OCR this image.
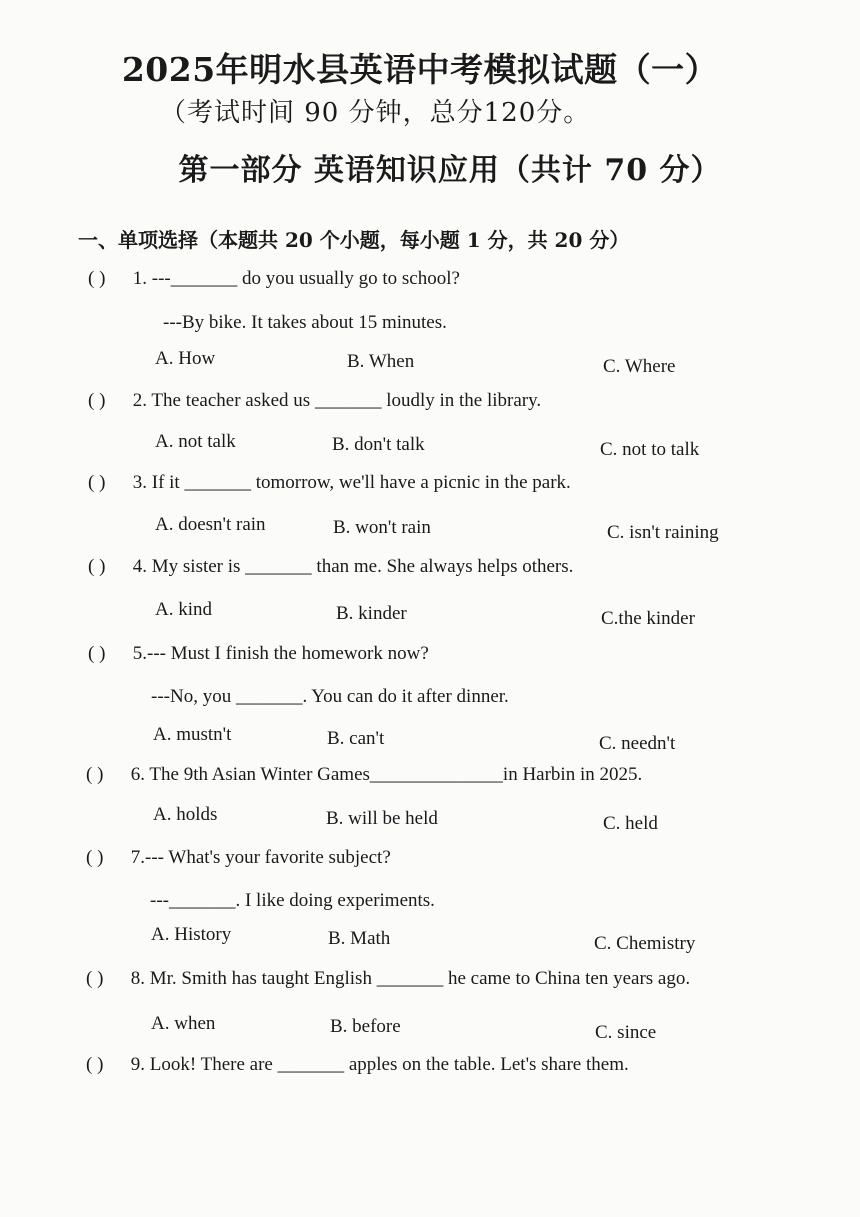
2025年明水县英语中考模拟试题（一）
（考试时间 90 分钟，总分120分。
第一部分 英语知识应用（共计 70 分）
一、单项选择（本题共 20 个小题，每小题 1 分，共 20 分）
( ) 1. ---_______ do you usually go to school?
---By bike. It takes about 15 minutes.
A. How	B. When	C. Where
( ) 2. The teacher asked us _______ loudly in the library.
A. not talk	B. don't talk	C. not to talk
( ) 3. If it _______ tomorrow, we'll have a picnic in the park.
A. doesn't rain	B. won't rain	C. isn't raining
( ) 4. My sister is _______ than me. She always helps others.
A. kind	B. kinder	C.the kinder
( ) 5.--- Must I finish the homework now?
---No, you _______. You can do it after dinner.
A. mustn't	B. can't	C. needn't
( ) 6. The 9th Asian Winter Games______________in Harbin in 2025.
A. holds	B. will be held	C. held
( ) 7.--- What's your favorite subject?
---_______. I like doing experiments.
A. History	B. Math	C. Chemistry
( ) 8. Mr. Smith has taught English _______ he came to China ten years ago.
A. when	B. before	C. since
( ) 9. Look! There are _______ apples on the table. Let's share them.
